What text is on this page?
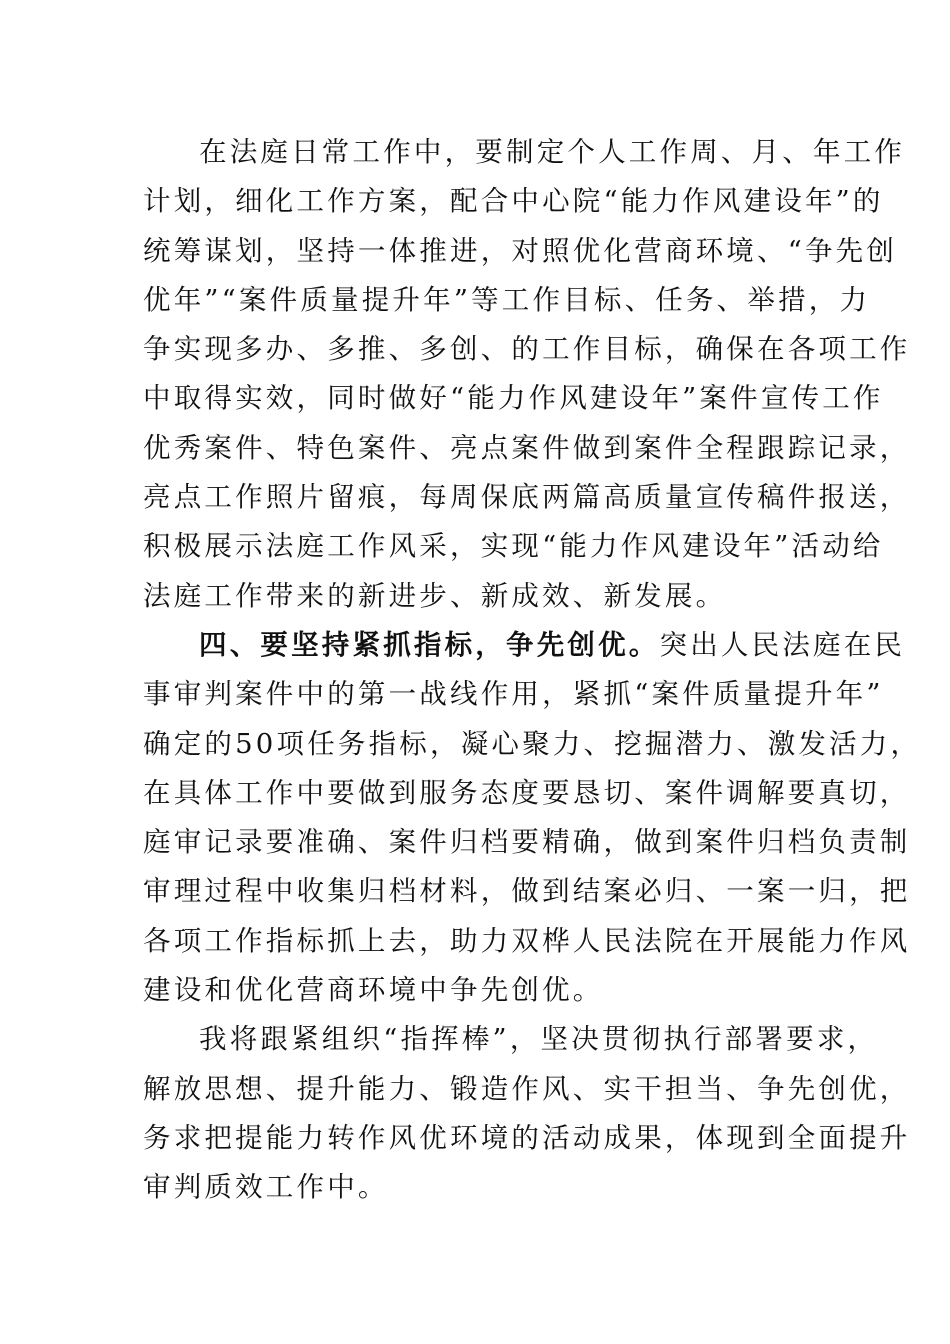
在法庭日常工作中，要制定个人工作周、月、年工作
计划，细化工作方案，配合中心院“能力作风建设年”的
统筹谋划，坚持一体推进，对照优化营商环境、“争先创
优年”“案件质量提升年”等工作目标、任务、举措，力
争实现多办、多推、多创、的工作目标，确保在各项工作
中取得实效，同时做好“能力作风建设年”案件宣传工作
优秀案件、特色案件、亮点案件做到案件全程跟踪记录，
亮点工作照片留痕，每周保底两篇高质量宣传稿件报送，
积极展示法庭工作风采，实现“能力作风建设年”活动给
法庭工作带来的新进步、新成效、新发展。
四、要坚持紧抓指标，争先创优。突出人民法庭在民
事审判案件中的第一战线作用，紧抓“案件质量提升年”
确定的50项任务指标，凝心聚力、挖掘潜力、激发活力，
在具体工作中要做到服务态度要恳切、案件调解要真切，
庭审记录要准确、案件归档要精确，做到案件归档负责制
审理过程中收集归档材料，做到结案必归、一案一归，把
各项工作指标抓上去，助力双桦人民法院在开展能力作风
建设和优化营商环境中争先创优。
我将跟紧组织“指挥棒”，坚决贯彻执行部署要求，
解放思想、提升能力、锻造作风、实干担当、争先创优，
务求把提能力转作风优环境的活动成果，体现到全面提升
审判质效工作中。
